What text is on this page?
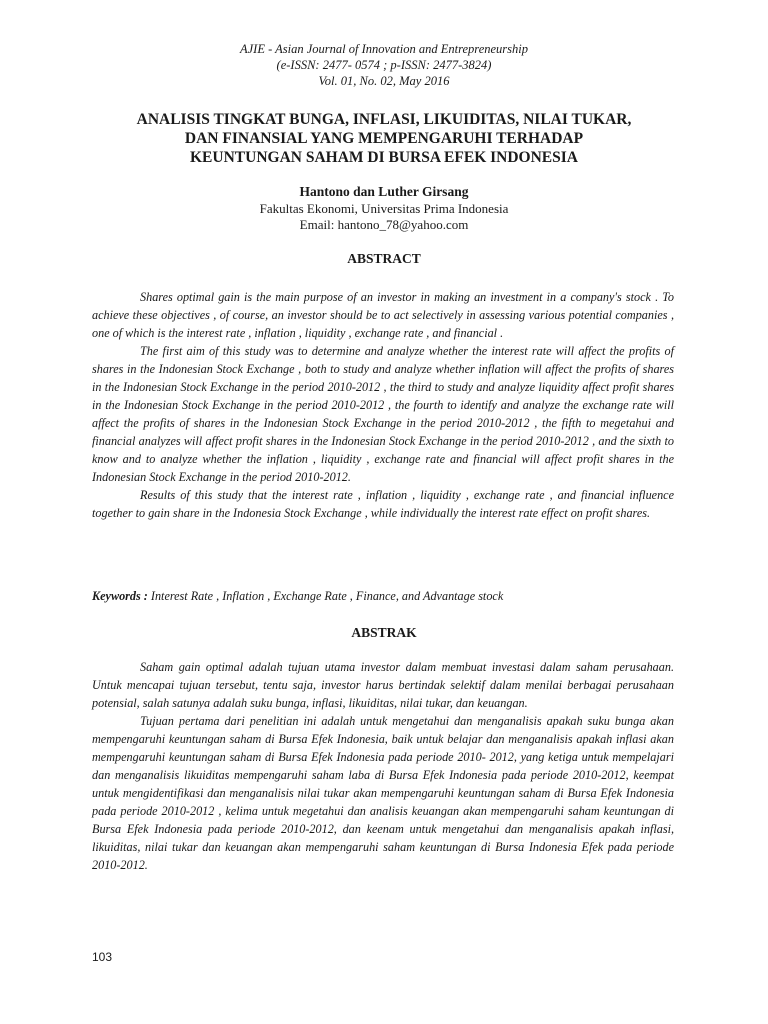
AJIE - Asian Journal of Innovation and Entrepreneurship
(e-ISSN: 2477- 0574 ; p-ISSN: 2477-3824)
Vol. 01, No. 02, May 2016
ANALISIS TINGKAT BUNGA, INFLASI, LIKUIDITAS, NILAI TUKAR,
DAN FINANSIAL YANG MEMPENGARUHI TERHADAP
KEUNTUNGAN SAHAM DI BURSA EFEK INDONESIA
Hantono dan Luther Girsang
Fakultas Ekonomi, Universitas Prima Indonesia
Email: hantono_78@yahoo.com
ABSTRACT

Shares optimal gain is the main purpose of an investor in making an investment in a company's stock . To achieve these objectives , of course, an investor should be to act selectively in assessing various potential companies , one of which is the interest rate , inflation , liquidity , exchange rate , and financial .

The first aim of this study was to determine and analyze whether the interest rate will affect the profits of shares in the Indonesian Stock Exchange , both to study and analyze whether inflation will affect the profits of shares in the Indonesian Stock Exchange in the period 2010-2012 , the third to study and analyze liquidity affect profit shares in the Indonesian Stock Exchange in the period 2010-2012 , the fourth to identify and analyze the exchange rate will affect the profits of shares in the Indonesian Stock Exchange in the period 2010-2012 , the fifth to megetahui and financial analyzes will affect profit shares in the Indonesian Stock Exchange in the period 2010-2012 , and the sixth to know and to analyze whether the inflation , liquidity , exchange rate and financial will affect profit shares in the Indonesian Stock Exchange in the period 2010-2012.

Results of this study that the interest rate , inflation , liquidity , exchange rate , and financial influence together to gain share in the Indonesia Stock Exchange , while individually the interest rate effect on profit shares.

Keywords : Interest Rate , Inflation , Exchange Rate , Finance, and Advantage stock
ABSTRAK

Saham gain optimal adalah tujuan utama investor dalam membuat investasi dalam saham perusahaan. Untuk mencapai tujuan tersebut, tentu saja, investor harus bertindak selektif dalam menilai berbagai perusahaan potensial, salah satunya adalah suku bunga, inflasi, likuiditas, nilai tukar, dan keuangan.

Tujuan pertama dari penelitian ini adalah untuk mengetahui dan menganalisis apakah suku bunga akan mempengaruhi keuntungan saham di Bursa Efek Indonesia, baik untuk belajar dan menganalisis apakah inflasi akan mempengaruhi keuntungan saham di Bursa Efek Indonesia pada periode 2010- 2012, yang ketiga untuk mempelajari dan menganalisis likuiditas mempengaruhi saham laba di Bursa Efek Indonesia pada periode 2010-2012, keempat untuk mengidentifikasi dan menganalisis nilai tukar akan mempengaruhi keuntungan saham di Bursa Efek Indonesia pada periode 2010-2012 , kelima untuk megetahui dan analisis keuangan akan mempengaruhi saham keuntungan di Bursa Efek Indonesia pada periode 2010-2012, dan keenam untuk mengetahui dan menganalisis apakah inflasi, likuiditas, nilai tukar dan keuangan akan mempengaruhi saham keuntungan di Bursa Indonesia Efek pada periode 2010-2012.

103
